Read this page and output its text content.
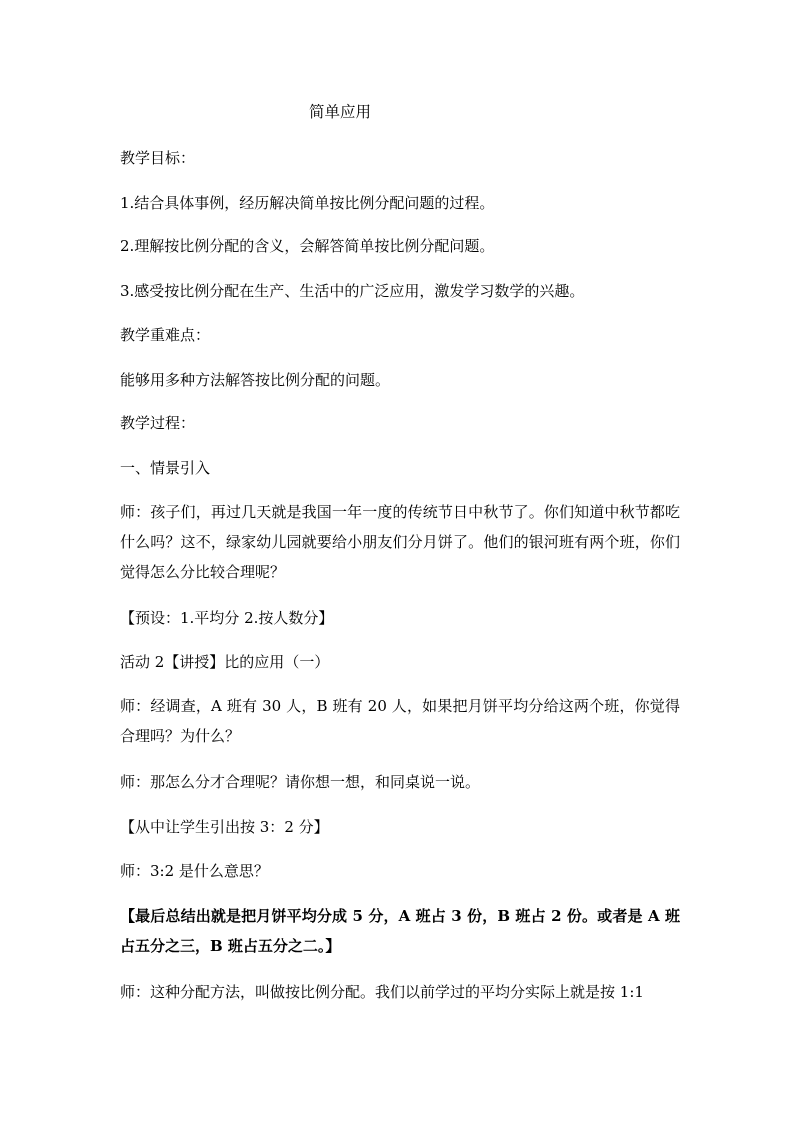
简单应用
教学目标：
1.结合具体事例，经历解决简单按比例分配问题的过程。
2.理解按比例分配的含义，会解答简单按比例分配问题。
3.感受按比例分配在生产、生活中的广泛应用，激发学习数学的兴趣。
教学重难点：
能够用多种方法解答按比例分配的问题。
教学过程：
一、情景引入
师：孩子们，再过几天就是我国一年一度的传统节日中秋节了。你们知道中秋节都吃什么吗？这不，绿家幼儿园就要给小朋友们分月饼了。他们的银河班有两个班，你们觉得怎么分比较合理呢？
【预设：1.平均分 2.按人数分】
活动 2【讲授】比的应用（一）
师：经调查，A 班有 30 人，B 班有 20 人，如果把月饼平均分给这两个班，你觉得合理吗？为什么？
师：那怎么分才合理呢？请你想一想，和同桌说一说。
【从中让学生引出按 3：2 分】
师：3:2 是什么意思？
【最后总结出就是把月饼平均分成 5 分，A 班占 3 份，B 班占 2 份。或者是 A 班占五分之三，B 班占五分之二。】
师：这种分配方法，叫做按比例分配。我们以前学过的平均分实际上就是按 1:1
